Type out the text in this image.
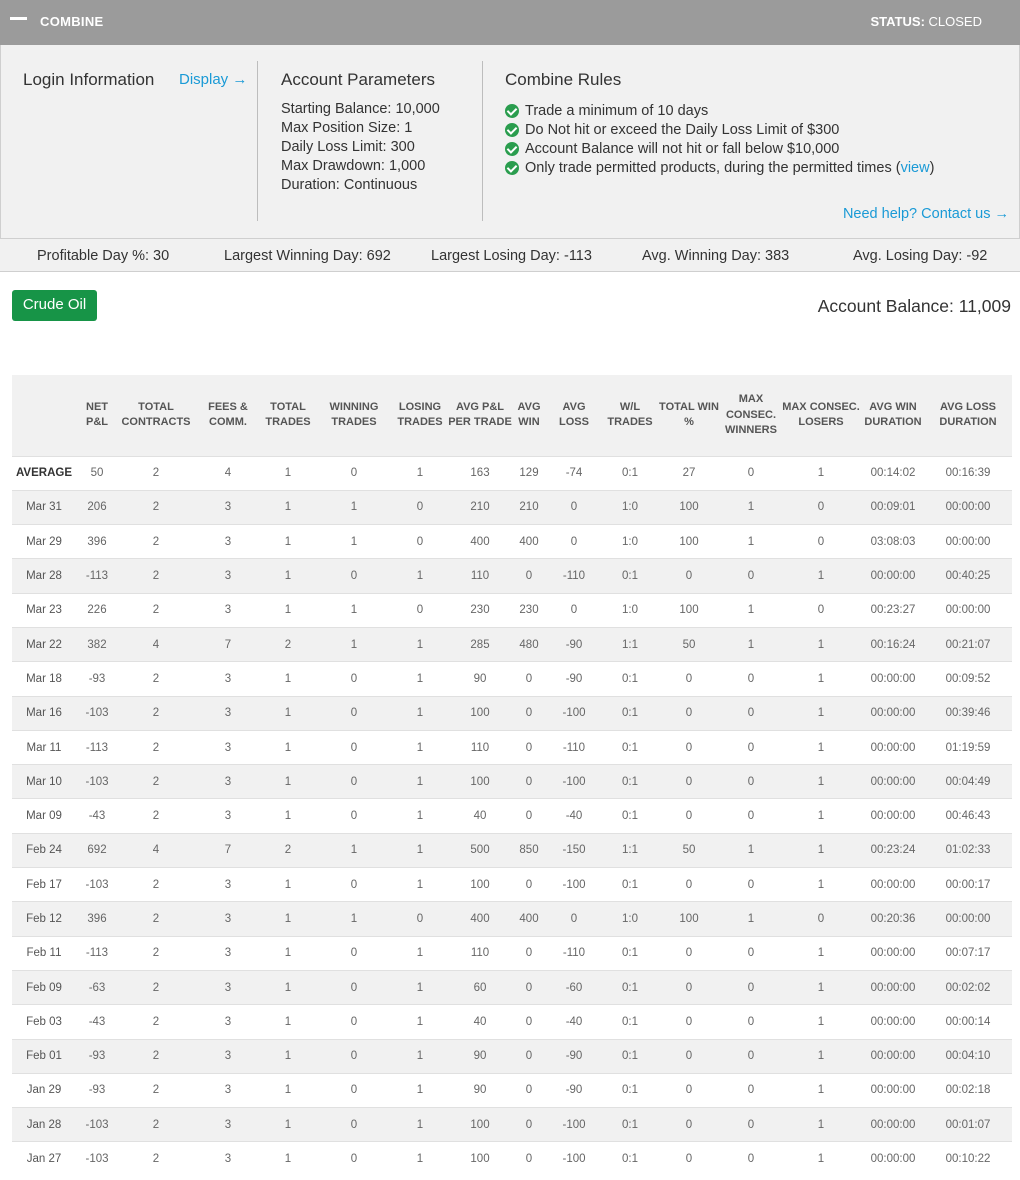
COMBINE	STATUS: CLOSED
Login Information Display → Account Parameters
Starting Balance: 10,000
Max Position Size: 1
Daily Loss Limit: 300
Max Drawdown: 1,000
Duration: Continuous
Combine Rules
Trade a minimum of 10 days
Do Not hit or exceed the Daily Loss Limit of $300
Account Balance will not hit or fall below $10,000
Only trade permitted products, during the permitted times (view)
Need help? Contact us →
Profitable Day %: 30	Largest Winning Day: 692	Largest Losing Day: -113	Avg. Winning Day: 383	Avg. Losing Day: -92
Crude Oil	Account Balance: 11,009
	NET P&L	TOTAL CONTRACTS	FEES & COMM.	TOTAL TRADES	WINNING TRADES	LOSING TRADES	AVG P&L PER TRADE	AVG WIN	AVG LOSS	W/L TRADES	TOTAL WIN %	MAX CONSEC. WINNERS	MAX CONSEC. LOSERS	AVG WIN DURATION	AVG LOSS DURATION
AVERAGE	50	2	4	1	0	1	163	129	-74	0:1	27	0	1	00:14:02	00:16:39
Mar 31	206	2	3	1	1	0	210	210	0	1:0	100	1	0	00:09:01	00:00:00
Mar 29	396	2	3	1	1	0	400	400	0	1:0	100	1	0	03:08:03	00:00:00
Mar 28	-113	2	3	1	0	1	110	0	-110	0:1	0	0	1	00:00:00	00:40:25
Mar 23	226	2	3	1	1	0	230	230	0	1:0	100	1	0	00:23:27	00:00:00
Mar 22	382	4	7	2	1	1	285	480	-90	1:1	50	1	1	00:16:24	00:21:07
Mar 18	-93	2	3	1	0	1	90	0	-90	0:1	0	0	1	00:00:00	00:09:52
Mar 16	-103	2	3	1	0	1	100	0	-100	0:1	0	0	1	00:00:00	00:39:46
Mar 11	-113	2	3	1	0	1	110	0	-110	0:1	0	0	1	00:00:00	01:19:59
Mar 10	-103	2	3	1	0	1	100	0	-100	0:1	0	0	1	00:00:00	00:04:49
Mar 09	-43	2	3	1	0	1	40	0	-40	0:1	0	0	1	00:00:00	00:46:43
Feb 24	692	4	7	2	1	1	500	850	-150	1:1	50	1	1	00:23:24	01:02:33
Feb 17	-103	2	3	1	0	1	100	0	-100	0:1	0	0	1	00:00:00	00:00:17
Feb 12	396	2	3	1	1	0	400	400	0	1:0	100	1	0	00:20:36	00:00:00
Feb 11	-113	2	3	1	0	1	110	0	-110	0:1	0	0	1	00:00:00	00:07:17
Feb 09	-63	2	3	1	0	1	60	0	-60	0:1	0	0	1	00:00:00	00:02:02
Feb 03	-43	2	3	1	0	1	40	0	-40	0:1	0	0	1	00:00:00	00:00:14
Feb 01	-93	2	3	1	0	1	90	0	-90	0:1	0	0	1	00:00:00	00:04:10
Jan 29	-93	2	3	1	0	1	90	0	-90	0:1	0	0	1	00:00:00	00:02:18
Jan 28	-103	2	3	1	0	1	100	0	-100	0:1	0	0	1	00:00:00	00:01:07
Jan 27	-103	2	3	1	0	1	100	0	-100	0:1	0	0	1	00:00:00	00:10:22
